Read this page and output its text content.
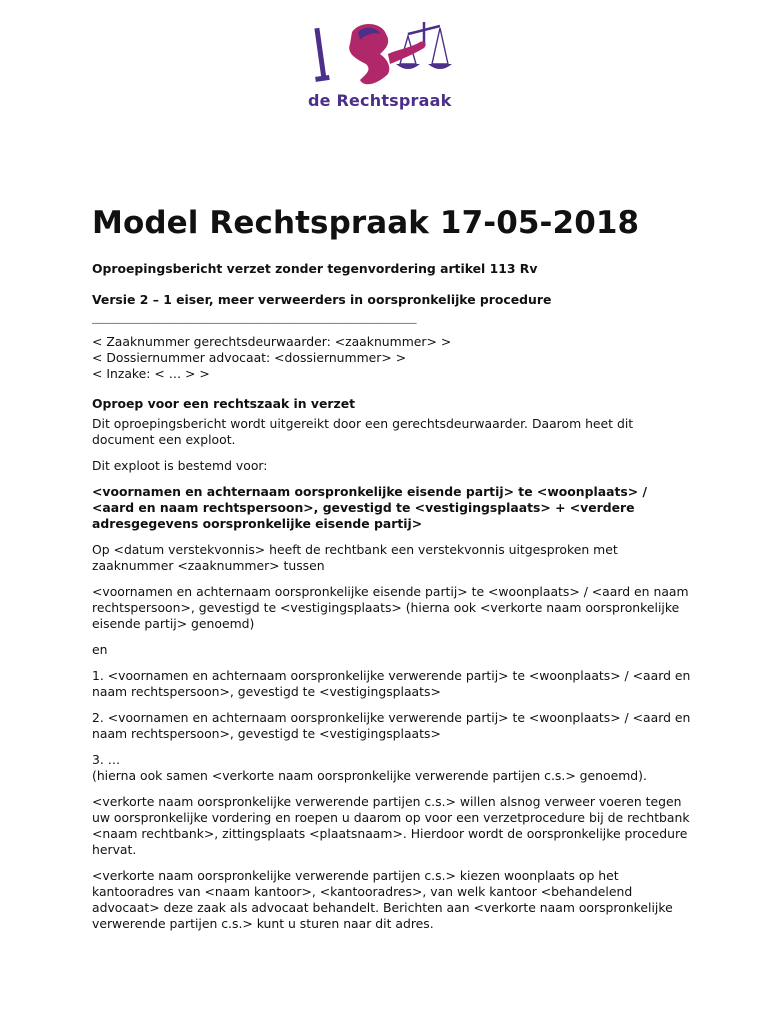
de Rechtspraak
Model Rechtspraak 17-05-2018
Oproepingsbericht verzet zonder tegenvordering artikel 113 Rv
Versie 2 – 1 eiser, meer verweerders in oorspronkelijke procedure
___________________________________________________________

< Zaaknummer gerechtsdeurwaarder: <zaaknummer> >
< Dossiernummer advocaat: <dossiernummer> >
< Inzake: < … > >

Oproep voor een rechtszaak in verzet

Dit oproepingsbericht wordt uitgereikt door een gerechtsdeurwaarder. Daarom heet dit document een exploot.

Dit exploot is bestemd voor:

<voornamen en achternaam oorspronkelijke eisende partij> te <woonplaats> / <aard en naam rechtspersoon>, gevestigd te <vestigingsplaats> + <verdere adresgegevens oorspronkelijke eisende partij>

Op <datum verstekvonnis> heeft de rechtbank een verstekvonnis uitgesproken met zaaknummer <zaaknummer> tussen

<voornamen en achternaam oorspronkelijke eisende partij> te <woonplaats> / <aard en naam rechtspersoon>, gevestigd te <vestigingsplaats> (hierna ook <verkorte naam oorspronkelijke eisende partij> genoemd)

en

1. <voornamen en achternaam oorspronkelijke verwerende partij> te <woonplaats> / <aard en naam rechtspersoon>, gevestigd te <vestigingsplaats>

2. <voornamen en achternaam oorspronkelijke verwerende partij> te <woonplaats> / <aard en naam rechtspersoon>, gevestigd te <vestigingsplaats>

3. …
(hierna ook samen <verkorte naam oorspronkelijke verwerende partijen c.s.> genoemd).

<verkorte naam oorspronkelijke verwerende partijen c.s.> willen alsnog verweer voeren tegen uw oorspronkelijke vordering en roepen u daarom op voor een verzetprocedure bij de rechtbank <naam rechtbank>, zittingsplaats <plaatsnaam>. Hierdoor wordt de oorspronkelijke procedure hervat.

<verkorte naam oorspronkelijke verwerende partijen c.s.> kiezen woonplaats op het kantooradres van <naam kantoor>, <kantooradres>, van welk kantoor <behandelend advocaat> deze zaak als advocaat behandelt. Berichten aan <verkorte naam oorspronkelijke verwerende partijen c.s.> kunt u sturen naar dit adres.
